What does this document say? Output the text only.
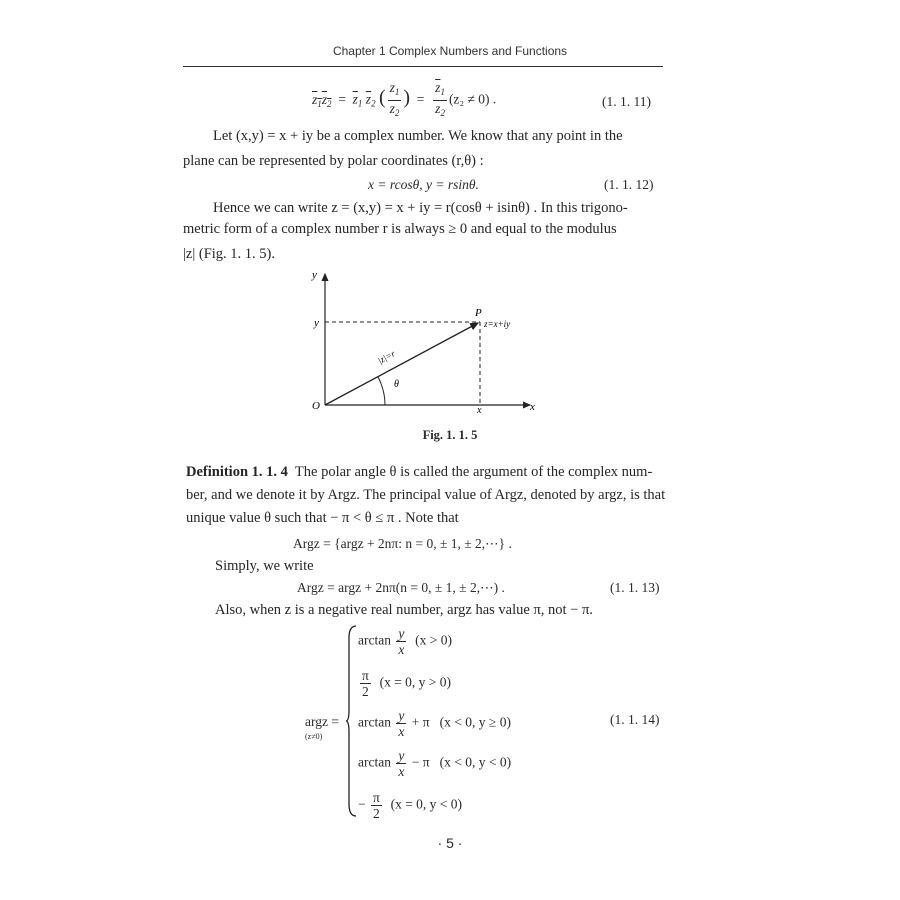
Chapter 1 Complex Numbers and Functions
$z_1z_2 = \overline{z}_1$ $\overline{z}_2$ ( $\frac{z_1}{z_2}$ )  = $\frac{\overline{z}_1}{z_2} (z_2 \ne 0)$ .	(1. 1. 11)
Let (x,y) = x + iy be a complex number. We know that any point in the
plane can be represented by polar coordinates (r,θ) :
x = rcosθ, y = rsinθ.	(1. 1. 12)
Hence we can write z = (x,y) = x + iy = r(cosθ + isinθ) . In this trigono-
metric form of a complex number r is always ≥ 0 and equal to the modulus
|z| (Fig. 1. 1. 5).
y
x
O
y
x
P
z=x+iy
|z|=r
θ
Fig. 1. 1. 5
Definition 1. 1. 4 The polar angle θ is called the argument of the complex num-
ber, and we denote it by Argz. The principal value of Argz, denoted by argz, is that
unique value θ such that − π < θ ≤ π . Note that
Argz = {argz + 2nπ: n = 0, ± 1, ± 2,⋯} .
Simply, we write
Argz = argz + 2nπ(n = 0, ± 1, ± 2,⋯) .	(1. 1. 13)
Also, when z is a negative real number, argz has value π, not − π.
argz =
(z≠0)
$\arctan \frac{y}{x} (x > 0)$
$\frac{\pi}{2} (x = 0$, y > 0)
$\arctan \frac{y}{x} + \pi$ (x < 0, y ≥ 0)
$\arctan \frac{y}{x} - \pi$ (x < 0, y < 0)
− $\frac{\pi}{2} (x = 0$, y < 0)
(1. 1. 14)
· 5 ·
